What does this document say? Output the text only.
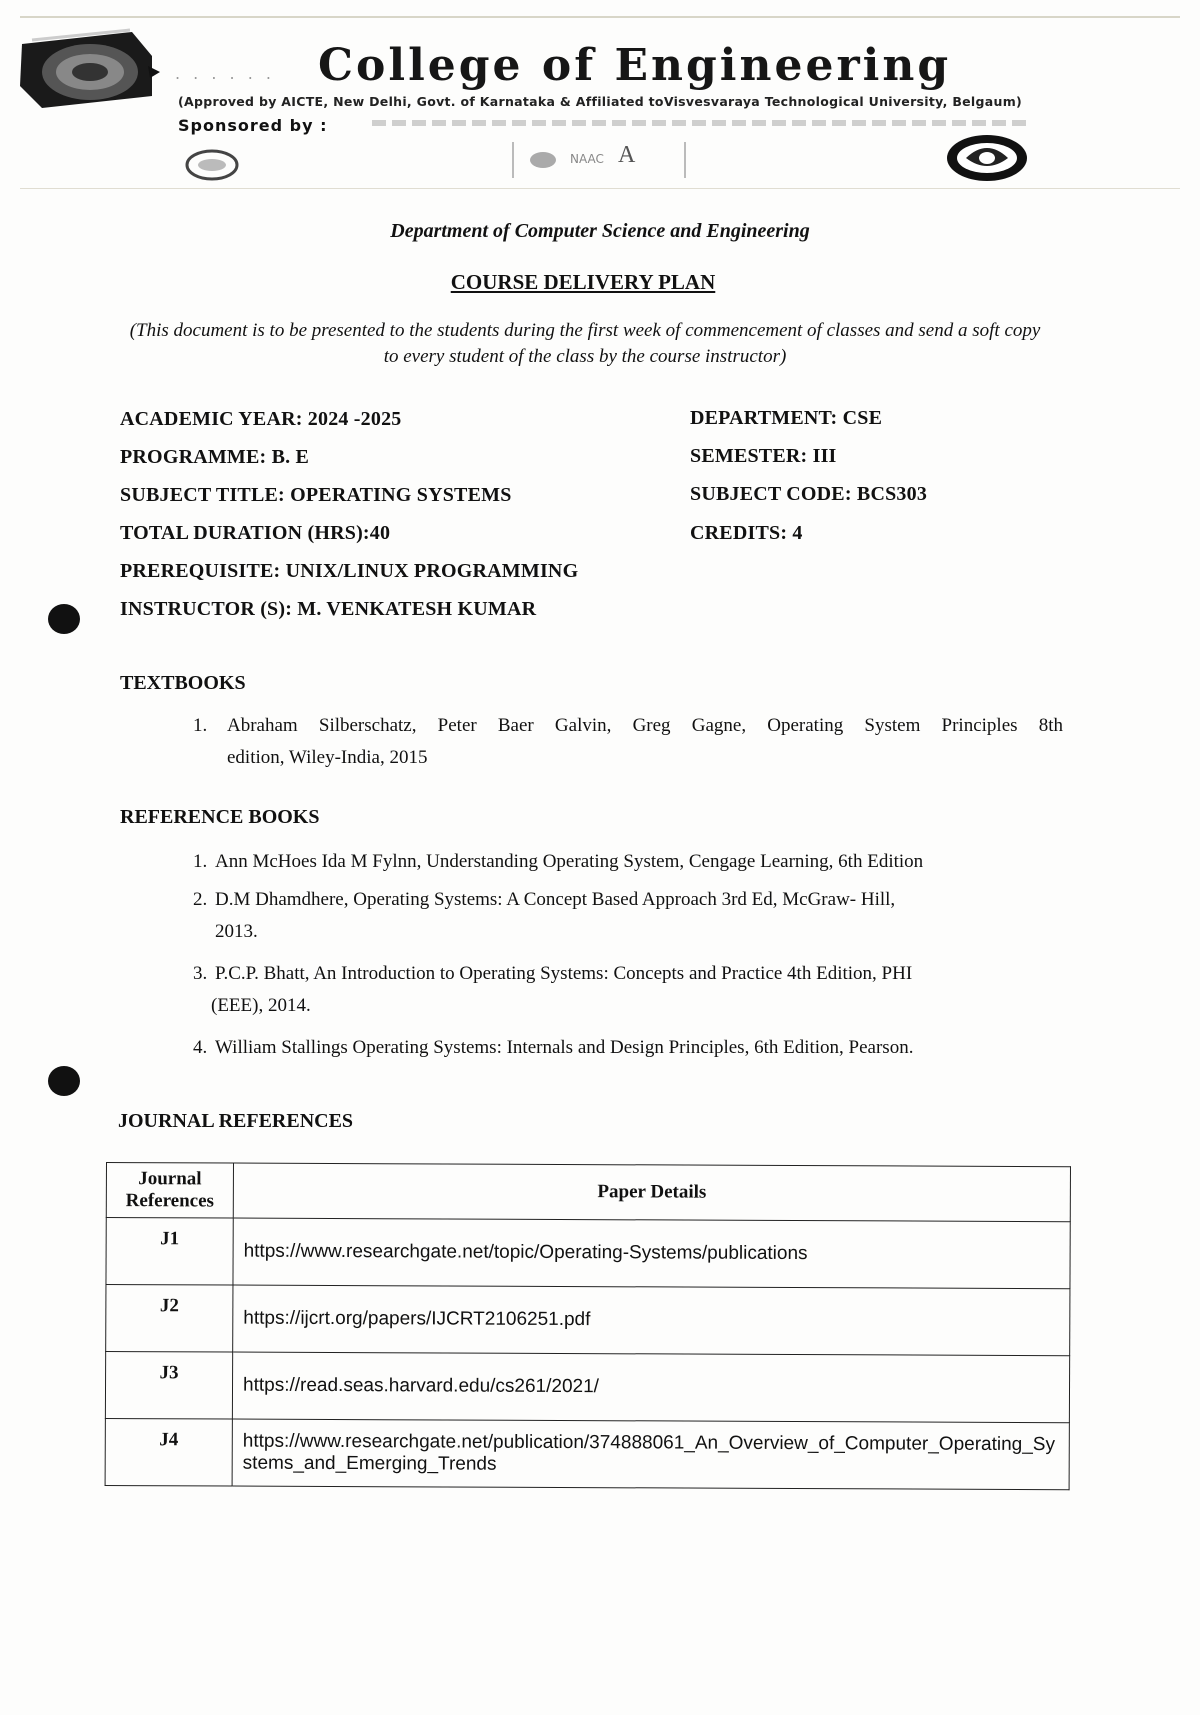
. . . . . . College of Engineering
(Approved by AICTE, New Delhi, Govt. of Karnataka & Affiliated toVisvesvaraya Technological University, Belgaum)
Sponsored by :
NAAC A
Department of Computer Science and Engineering
COURSE DELIVERY PLAN
(This document is to be presented to the students during the first week of commencement of classes and send a soft copy to every student of the class by the course instructor)
ACADEMIC YEAR: 2024 -2025	DEPARTMENT: CSE
PROGRAMME: B. E	SEMESTER: III
SUBJECT TITLE: OPERATING SYSTEMS	SUBJECT CODE: BCS303
TOTAL DURATION (HRS):40	CREDITS: 4
PREREQUISITE: UNIX/LINUX PROGRAMMING
INSTRUCTOR (S): M. VENKATESH KUMAR
TEXTBOOKS
1. Abraham Silberschatz, Peter Baer Galvin, Greg Gagne, Operating System Principles 8th
edition, Wiley-India, 2015
REFERENCE BOOKS
1. Ann McHoes Ida M Fylnn, Understanding Operating System, Cengage Learning, 6th Edition
2. D.M Dhamdhere, Operating Systems: A Concept Based Approach 3rd Ed, McGraw- Hill,
2013.
3. P.C.P. Bhatt, An Introduction to Operating Systems: Concepts and Practice 4th Edition, PHI
(EEE), 2014.
4. William Stallings Operating Systems: Internals and Design Principles, 6th Edition, Pearson.
JOURNAL REFERENCES
Journal References	Paper Details
J1	https://www.researchgate.net/topic/Operating-Systems/publications
J2	https://ijcrt.org/papers/IJCRT2106251.pdf
J3	https://read.seas.harvard.edu/cs261/2021/
J4	https://www.researchgate.net/publication/374888061_An_Overview_of_Computer_Operating_Systems_and_Emerging_Trends
